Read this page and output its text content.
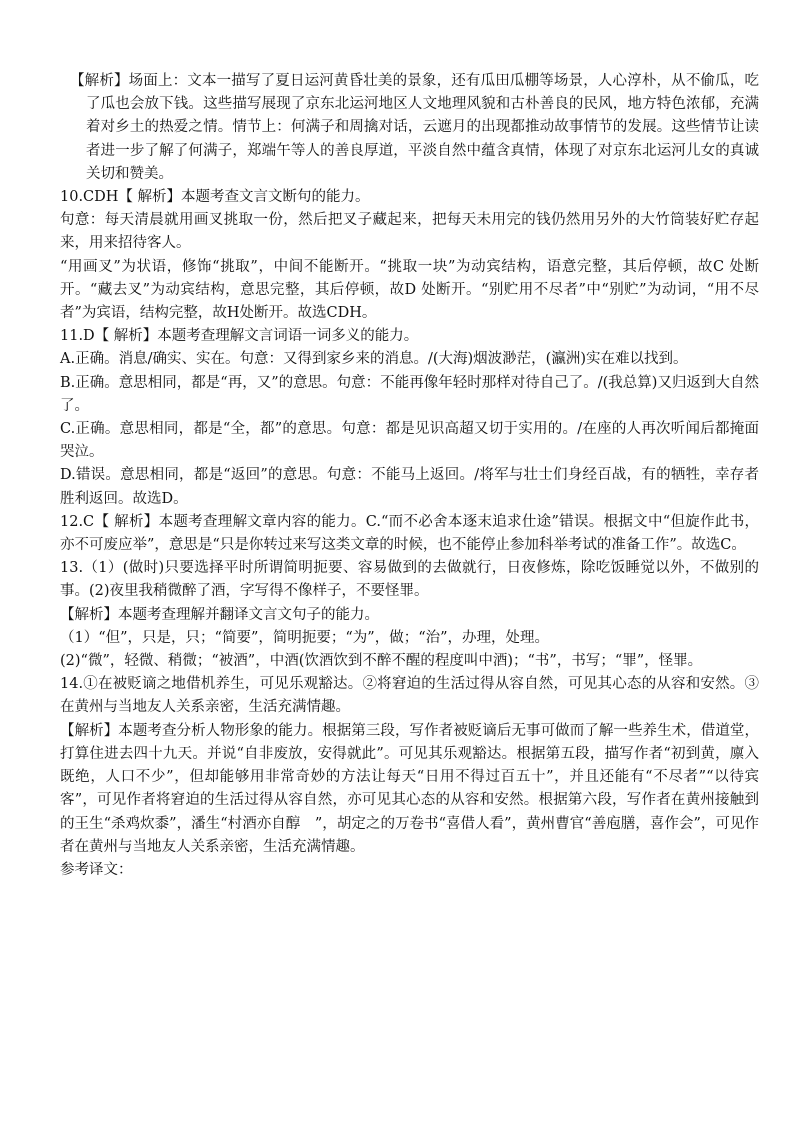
【解析】场面上：文本一描写了夏日运河黄昏壮美的景象，还有瓜田瓜棚等场景，人心淳朴，从不偷瓜，吃了瓜也会放下钱。这些描写展现了京东北运河地区人文地理风貌和古朴善良的民风，地方特色浓郁，充满着对乡土的热爱之情。情节上：何满子和周擒对话，云遮月的出现都推动故事情节的发展。这些情节让读者进一步了解了何满子，郑端午等人的善良厚道，平淡自然中蕴含真情，体现了对京东北运河儿女的真诚关切和赞美。

10.CDH【 解析】本题考查文言文断句的能力。

句意：每天清晨就用画叉挑取一份，然后把叉子藏起来，把每天未用完的钱仍然用另外的大竹筒装好贮存起来，用来招待客人。

“用画叉”为状语，修饰“挑取”，中间不能断开。“挑取一块”为动宾结构，语意完整，其后停顿，故C 处断开。“藏去叉”为动宾结构，意思完整，其后停顿，故D 处断开。“别贮用不尽者”中“别贮”为动词，“用不尽者”为宾语，结构完整，故H处断开。故选CDH。

11.D【 解析】本题考查理解文言词语一词多义的能力。

A.正确。消息/确实、实在。句意：又得到家乡来的消息。/(大海)烟波渺茫，(瀛洲)实在难以找到。

B.正确。意思相同，都是“再，又”的意思。句意：不能再像年轻时那样对待自己了。/(我总算)又归返到大自然了。

C.正确。意思相同，都是“全，都”的意思。句意：都是见识高超又切于实用的。/在座的人再次听闻后都掩面哭泣。

D.错误。意思相同，都是“返回”的意思。句意：不能马上返回。/将军与壮士们身经百战，有的牺牲，幸存者胜利返回。故选D。

12.C【 解析】本题考查理解文章内容的能力。C.“而不必舍本逐末追求仕途”错误。根据文中“但旋作此书，亦不可废应举”，意思是“只是你转过来写这类文章的时候，也不能停止参加科举考试的准备工作”。故选C。

13.（1）(做时)只要选择平时所谓简明扼要、容易做到的去做就行，日夜修炼，除吃饭睡觉以外，不做别的事。(2)夜里我稍微醉了酒，字写得不像样子，不要怪罪。

【解析】本题考查理解并翻译文言文句子的能力。

（1）“但”，只是，只；“简要”，简明扼要；“为”，做；“治”，办理，处理。

(2)“微”，轻微、稍微；“被酒”，中酒(饮酒饮到不醉不醒的程度叫中酒)；“书”，书写；“罪”，怪罪。

14.①在被贬谪之地借机养生，可见乐观豁达。②将窘迫的生活过得从容自然，可见其心态的从容和安然。③在黄州与当地友人关系亲密，生活充满情趣。

【解析】本题考查分析人物形象的能力。根据第三段，写作者被贬谪后无事可做而了解一些养生术，借道堂，打算住进去四十九天。并说“自非废放，安得就此”。可见其乐观豁达。根据第五段，描写作者“初到黄，廪入既绝，人口不少”，但却能够用非常奇妙的方法让每天“日用不得过百五十”，并且还能有“不尽者”“以待宾客”，可见作者将窘迫的生活过得从容自然，亦可见其心态的从容和安然。根据第六段，写作者在黄州接触到的王生“杀鸡炊黍”，潘生“村酒亦自醇　”，胡定之的万卷书“喜借人看”，黄州曹官“善庖膳，喜作会”，可见作者在黄州与当地友人关系亲密，生活充满情趣。

参考译文：
